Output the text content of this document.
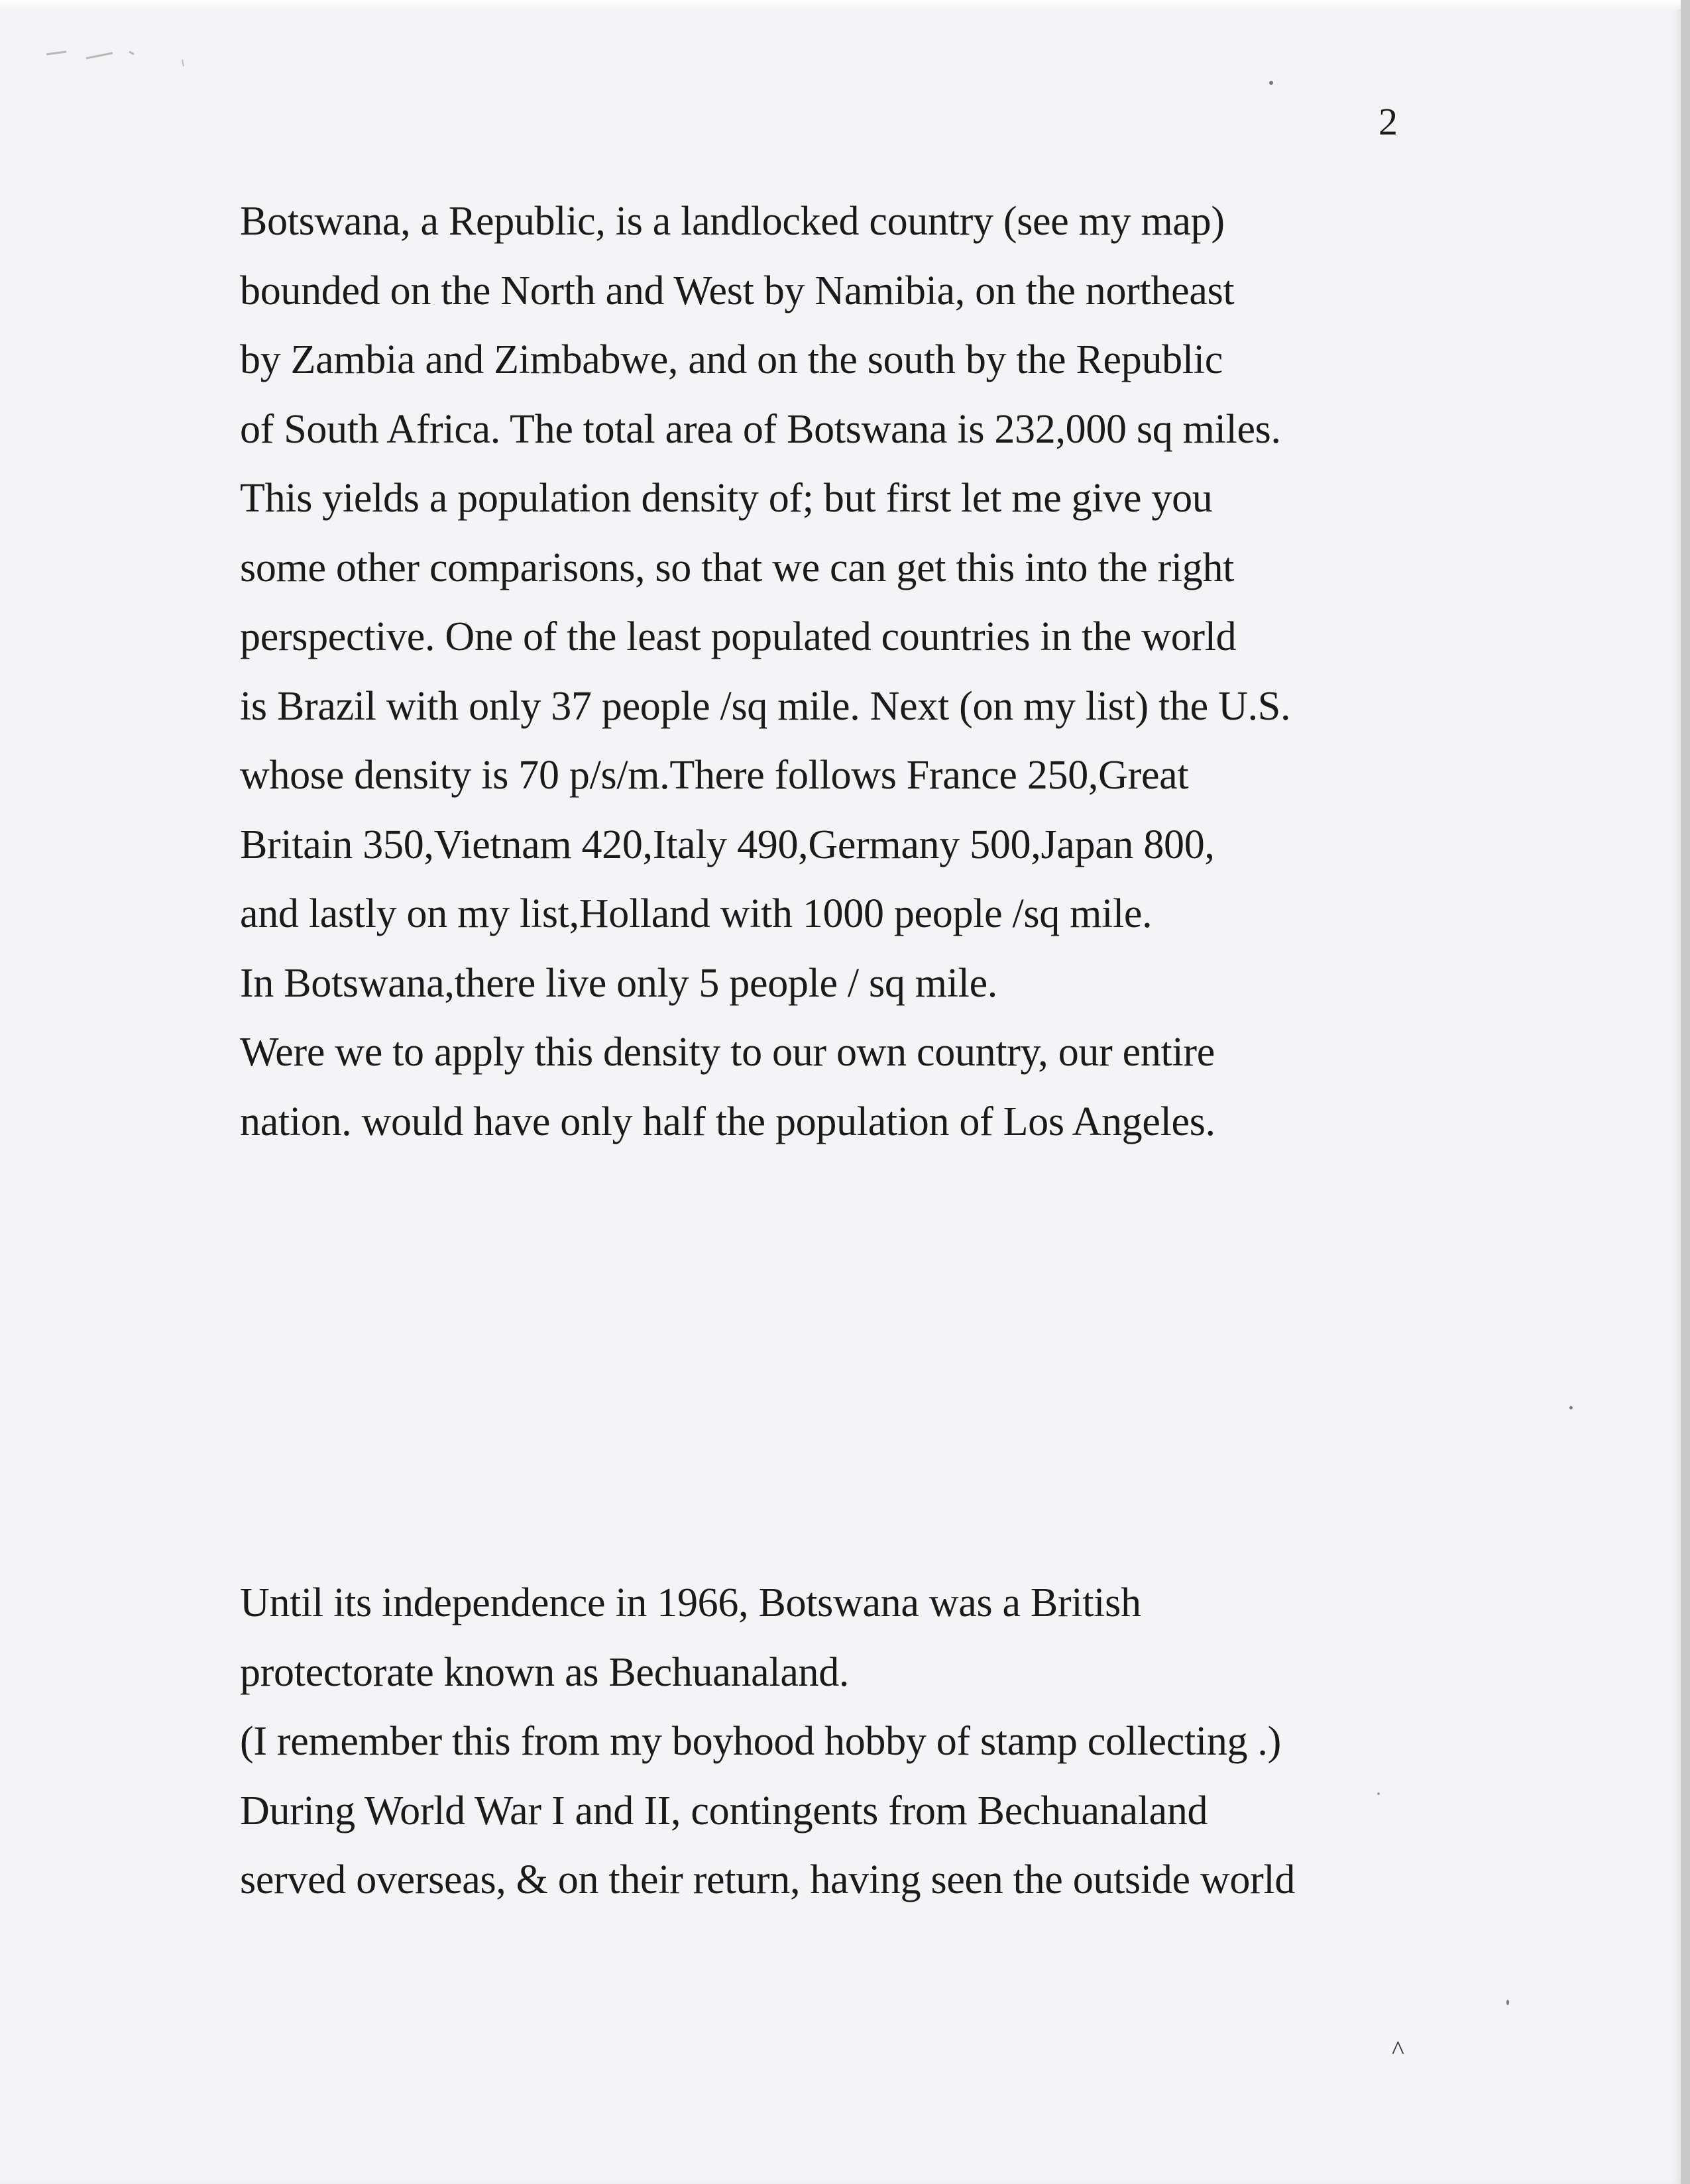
2

Botswana, a Republic, is a landlocked country (see my map)
bounded on the North and West by Namibia, on the northeast
by Zambia and Zimbabwe, and on the south by the Republic
of South Africa. The total area of Botswana is 232,000 sq miles.
This yields a population density of; but first let me give you
some other comparisons, so that we can get this into the right
perspective. One of the least populated countries in the world
is Brazil with only 37 people /sq mile. Next (on my list) the U.S.
whose density is 70 p/s/m.There follows France 250,Great
Britain 350,Vietnam 420,Italy 490,Germany 500,Japan 800,
and lastly on my list,Holland with 1000 people /sq mile.
In Botswana,there live only 5 people / sq mile.
Were we to apply this density to our own country, our entire
nation. would have only half the population of Los Angeles.

Until its independence in 1966, Botswana was a British
protectorate known as Bechuanaland.
(I remember this from my boyhood hobby of stamp collecting .)
During World War I and II, contingents from Bechuanaland
served overseas, & on their return, having seen the outside world

^
